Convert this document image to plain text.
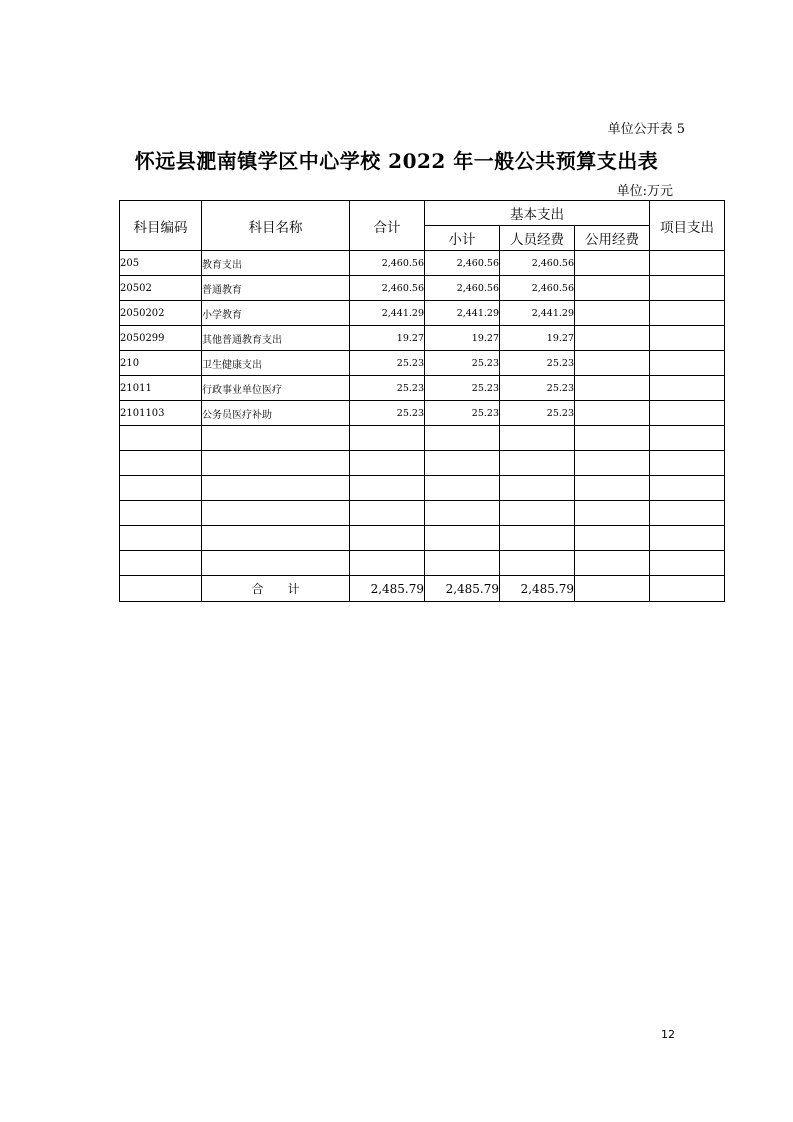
单位公开表 5
怀远县淝南镇学区中心学校 2022 年一般公共预算支出表
单位:万元
科目编码	科目名称	合计	基本支出			项目支出
			小计	人员经费	公用经费	
205	教育支出	2,460.56	2,460.56	2,460.56		
20502	普通教育	2,460.56	2,460.56	2,460.56		
2050202	小学教育	2,441.29	2,441.29	2,441.29		
2050299	其他普通教育支出	19.27	19.27	19.27		
210	卫生健康支出	25.23	25.23	25.23		
21011	行政事业单位医疗	25.23	25.23	25.23		
2101103	公务员医疗补助	25.23	25.23	25.23		

	合　　计	2,485.79	2,485.79	2,485.79		
12
